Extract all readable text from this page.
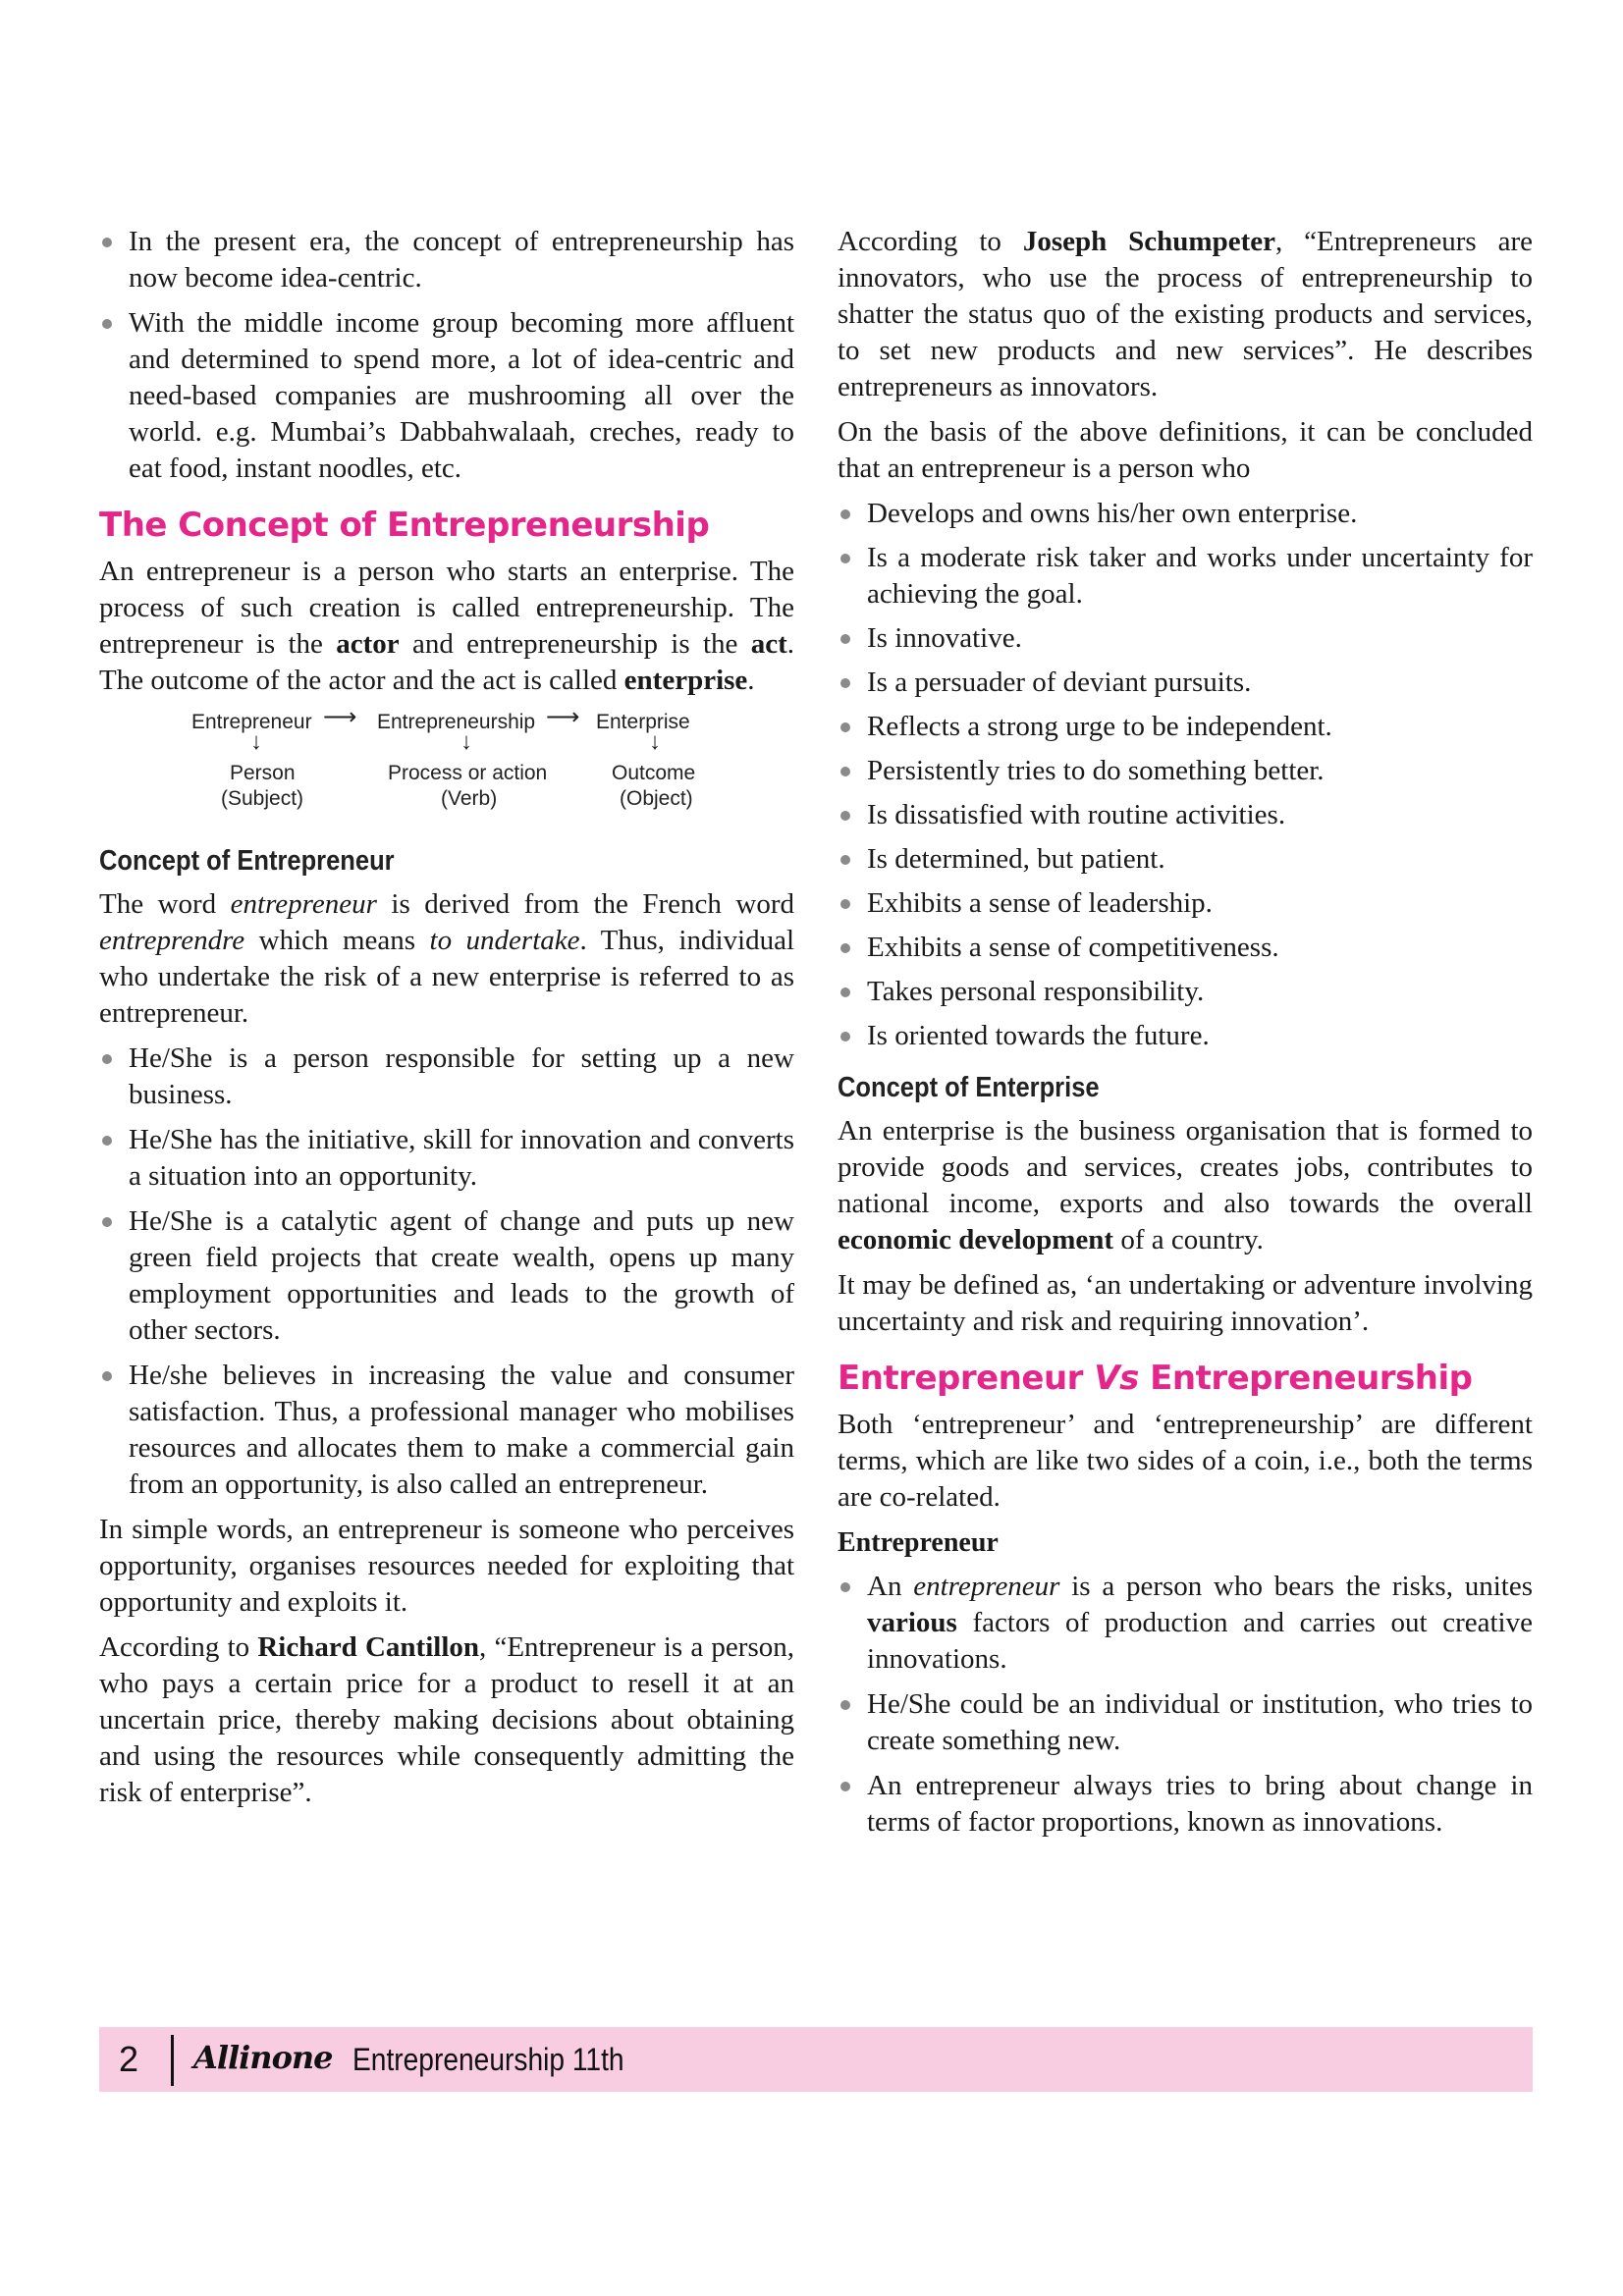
In the present era, the concept of entrepreneurship has now become idea-centric.
With the middle income group becoming more affluent and determined to spend more, a lot of idea-centric and need-based companies are mushrooming all over the world. e.g. Mumbai’s Dabbahwalaah, creches, ready to eat food, instant noodles, etc.
The Concept of Entrepreneurship

An entrepreneur is a person who starts an enterprise. The process of such creation is called entrepreneurship. The entrepreneur is the actor and entrepreneurship is the act. The outcome of the actor and the act is called enterprise.

Entrepreneur ⟶ Entrepreneurship ⟶ Enterprise
↓	↓	↓
Person	Process or action	Outcome
(Subject)	(Verb)	(Object)
Concept of Entrepreneur

The word entrepreneur is derived from the French word entreprendre which means to undertake. Thus, individual who undertake the risk of a new enterprise is referred to as entrepreneur.

He/She is a person responsible for setting up a new business.
He/She has the initiative, skill for innovation and converts a situation into an opportunity.
He/She is a catalytic agent of change and puts up new green field projects that create wealth, opens up many employment opportunities and leads to the growth of other sectors.
He/she believes in increasing the value and consumer satisfaction. Thus, a professional manager who mobilises resources and allocates them to make a commercial gain from an opportunity, is also called an entrepreneur.

In simple words, an entrepreneur is someone who perceives opportunity, organises resources needed for exploiting that opportunity and exploits it.

According to Richard Cantillon, “Entrepreneur is a person, who pays a certain price for a product to resell it at an uncertain price, thereby making decisions about obtaining and using the resources while consequently admitting the risk of enterprise”.

According to Joseph Schumpeter, “Entrepreneurs are innovators, who use the process of entrepreneurship to shatter the status quo of the existing products and services, to set new products and new services”. He describes entrepreneurs as innovators.

On the basis of the above definitions, it can be concluded that an entrepreneur is a person who

Develops and owns his/her own enterprise.
Is a moderate risk taker and works under uncertainty for achieving the goal.
Is innovative.
Is a persuader of deviant pursuits.
Reflects a strong urge to be independent.
Persistently tries to do something better.
Is dissatisfied with routine activities.
Is determined, but patient.
Exhibits a sense of leadership.
Exhibits a sense of competitiveness.
Takes personal responsibility.
Is oriented towards the future.
Concept of Enterprise

An enterprise is the business organisation that is formed to provide goods and services, creates jobs, contributes to national income, exports and also towards the overall economic development of a country.

It may be defined as, ‘an undertaking or adventure involving uncertainty and risk and requiring innovation’.

Entrepreneur Vs Entrepreneurship

Both ‘entrepreneur’ and ‘entrepreneurship’ are different terms, which are like two sides of a coin, i.e., both the terms are co-related.

Entrepreneur
An entrepreneur is a person who bears the risks, unites various factors of production and carries out creative innovations.
He/She could be an individual or institution, who tries to create something new.
An entrepreneur always tries to bring about change in terms of factor proportions, known as innovations.
2	Allinone Entrepreneurship 11th
